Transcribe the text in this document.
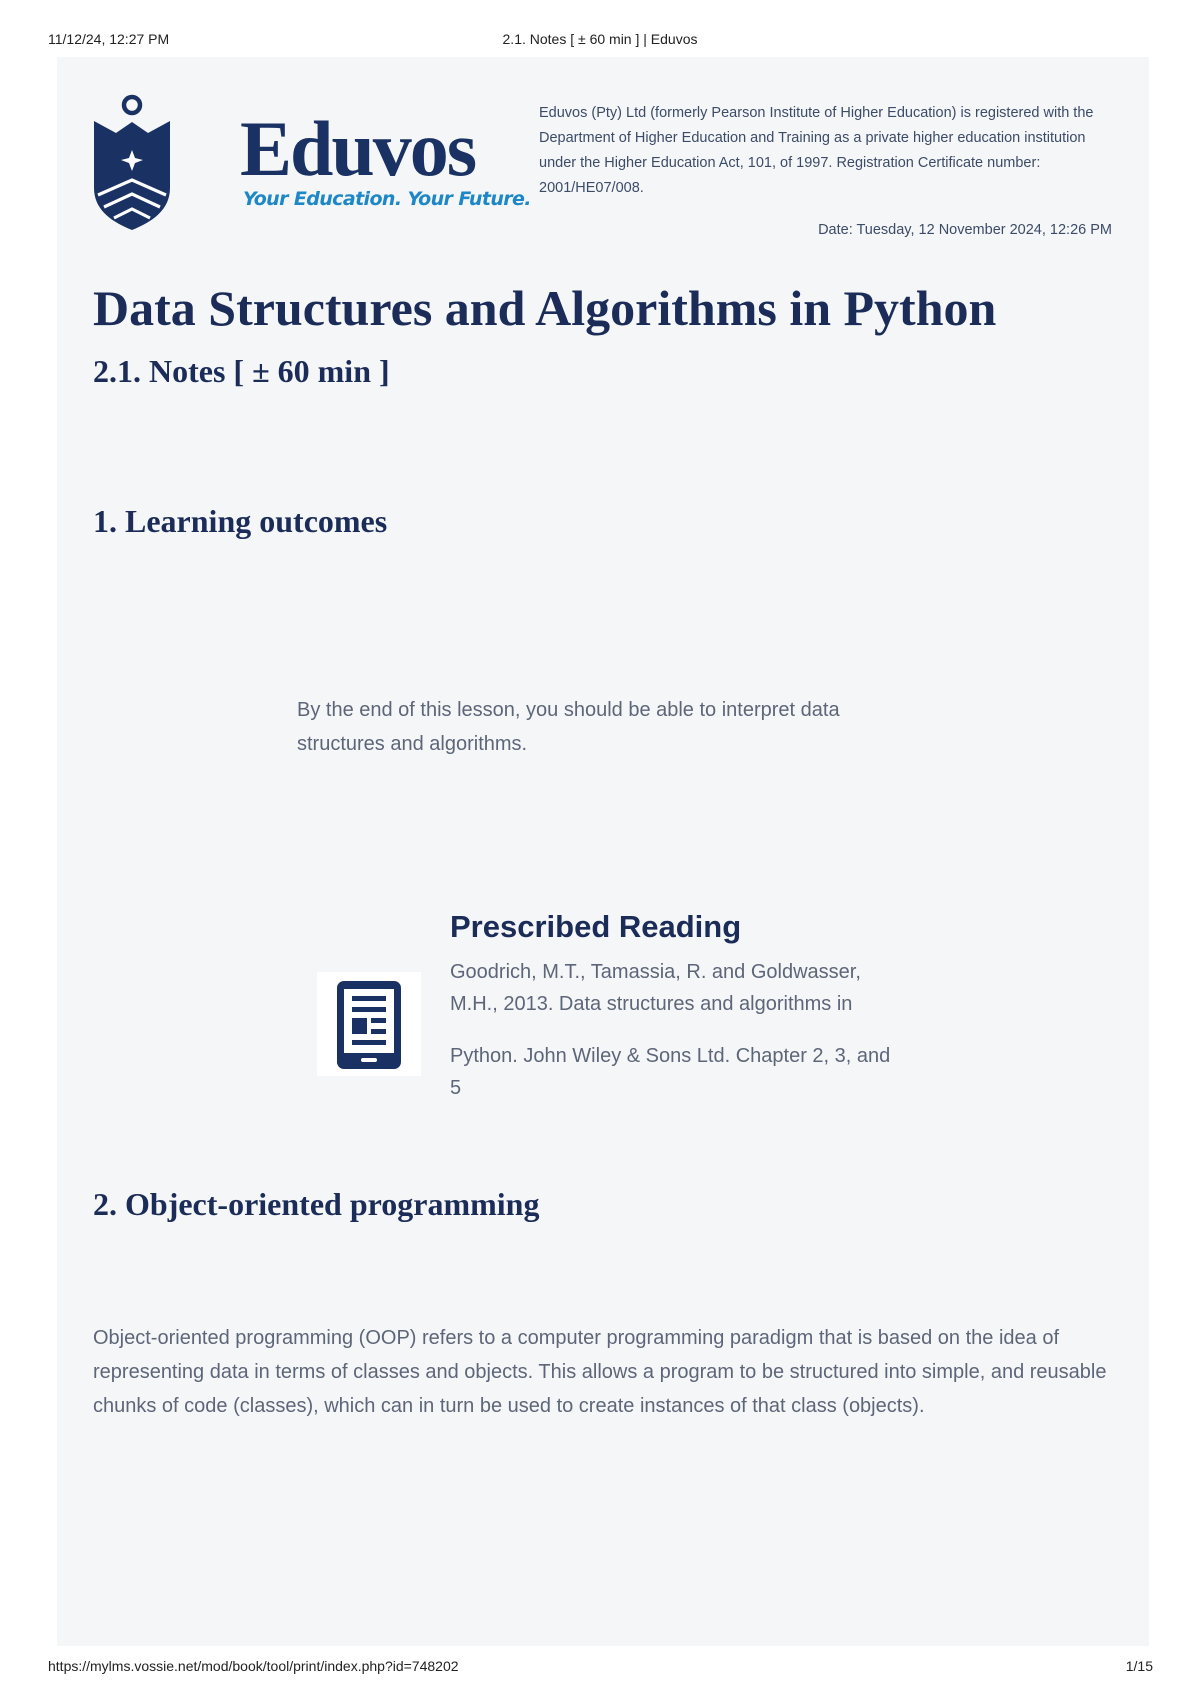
2.1. Notes [ ± 60 min ] | Eduvos
11/12/24, 12:27 PM
Eduvos
Your Education. Your Future.
Eduvos (Pty) Ltd (formerly Pearson Institute of Higher Education) is registered with the Department of Higher Education and Training as a private higher education institution under the Higher Education Act, 101, of 1997. Registration Certificate number: 2001/HE07/008.
Date: Tuesday, 12 November 2024, 12:26 PM
Data Structures and Algorithms in Python
2.1. Notes [ ± 60 min ]
1. Learning outcomes
By the end of this lesson, you should be able to interpret data structures and algorithms.
Prescribed Reading
Goodrich, M.T., Tamassia, R. and Goldwasser, M.H., 2013. Data structures and algorithms in
Python. John Wiley & Sons Ltd. Chapter 2, 3, and 5
2. Object-oriented programming
Object-oriented programming (OOP) refers to a computer programming paradigm that is based on the idea of representing data in terms of classes and objects. This allows a program to be structured into simple, and reusable chunks of code (classes), which can in turn be used to create instances of that class (objects).
https://mylms.vossie.net/mod/book/tool/print/index.php?id=748202	1/15
